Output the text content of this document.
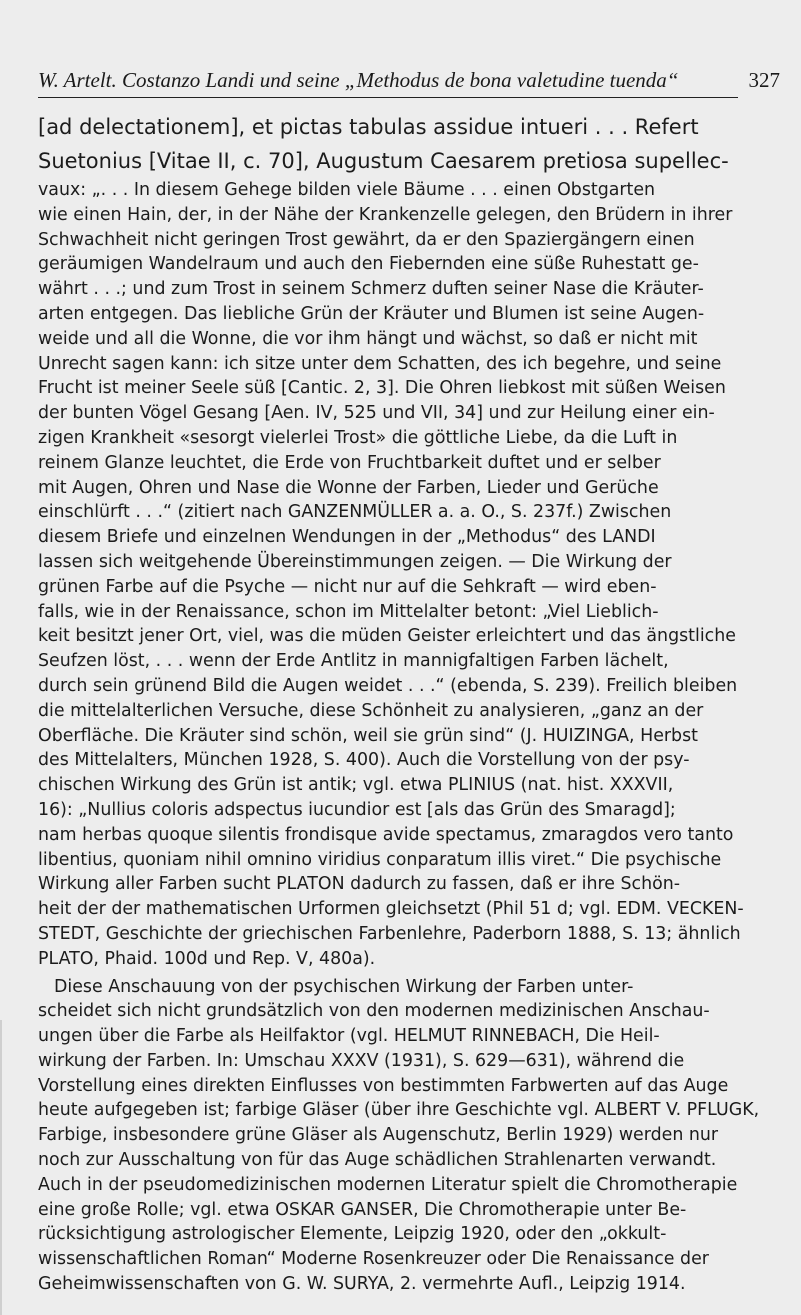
W. Artelt. Costanzo Landi und seine „Methodus de bona valetudine tuenda“	327
[ad delectationem], et pictas tabulas assidue intueri . . . Refert
Suetonius [Vitae II, c. 70], Augustum Caesarem pretiosa supellec-
vaux: „. . . In diesem Gehege bilden viele Bäume . . . einen Obstgarten
wie einen Hain, der, in der Nähe der Krankenzelle gelegen, den Brüdern in ihrer
Schwachheit nicht geringen Trost gewährt, da er den Spaziergängern einen
geräumigen Wandelraum und auch den Fiebernden eine süße Ruhestatt ge-
währt . . .; und zum Trost in seinem Schmerz duften seiner Nase die Kräuter-
arten entgegen. Das liebliche Grün der Kräuter und Blumen ist seine Augen-
weide und all die Wonne, die vor ihm hängt und wächst, so daß er nicht mit
Unrecht sagen kann: ich sitze unter dem Schatten, des ich begehre, und seine
Frucht ist meiner Seele süß [Cantic. 2, 3]. Die Ohren liebkost mit süßen Weisen
der bunten Vögel Gesang [Aen. IV, 525 und VII, 34] und zur Heilung einer ein-
zigen Krankheit «sesorgt vielerlei Trost» die göttliche Liebe, da die Luft in
reinem Glanze leuchtet, die Erde von Fruchtbarkeit duftet und er selber
mit Augen, Ohren und Nase die Wonne der Farben, Lieder und Gerüche
einschlürft . . .“ (zitiert nach GANZENMÜLLER a. a. O., S. 237f.) Zwischen
diesem Briefe und einzelnen Wendungen in der „Methodus“ des LANDI
lassen sich weitgehende Übereinstimmungen zeigen. — Die Wirkung der
grünen Farbe auf die Psyche — nicht nur auf die Sehkraft — wird eben-
falls, wie in der Renaissance, schon im Mittelalter betont: „Viel Lieblich-
keit besitzt jener Ort, viel, was die müden Geister erleichtert und das ängstliche
Seufzen löst, . . . wenn der Erde Antlitz in mannigfaltigen Farben lächelt,
durch sein grünend Bild die Augen weidet . . .“ (ebenda, S. 239). Freilich bleiben
die mittelalterlichen Versuche, diese Schönheit zu analysieren, „ganz an der
Oberfläche. Die Kräuter sind schön, weil sie grün sind“ (J. HUIZINGA, Herbst
des Mittelalters, München 1928, S. 400). Auch die Vorstellung von der psy-
chischen Wirkung des Grün ist antik; vgl. etwa PLINIUS (nat. hist. XXXVII,
16): „Nullius coloris adspectus iucundior est [als das Grün des Smaragd];
nam herbas quoque silentis frondisque avide spectamus, zmaragdos vero tanto
libentius, quoniam nihil omnino viridius conparatum illis viret.“ Die psychische
Wirkung aller Farben sucht PLATON dadurch zu fassen, daß er ihre Schön-
heit der der mathematischen Urformen gleichsetzt (Phil 51 d; vgl. EDM. VECKEN-
STEDT, Geschichte der griechischen Farbenlehre, Paderborn 1888, S. 13; ähnlich
PLATO, Phaid. 100d und Rep. V, 480a).
Diese Anschauung von der psychischen Wirkung der Farben unter-
scheidet sich nicht grundsätzlich von den modernen medizinischen Anschau-
ungen über die Farbe als Heilfaktor (vgl. HELMUT RINNEBACH, Die Heil-
wirkung der Farben. In: Umschau XXXV (1931), S. 629—631), während die
Vorstellung eines direkten Einflusses von bestimmten Farbwerten auf das Auge
heute aufgegeben ist; farbige Gläser (über ihre Geschichte vgl. ALBERT V. PFLUGK,
Farbige, insbesondere grüne Gläser als Augenschutz, Berlin 1929) werden nur
noch zur Ausschaltung von für das Auge schädlichen Strahlenarten verwandt.
Auch in der pseudomedizinischen modernen Literatur spielt die Chromotherapie
eine große Rolle; vgl. etwa OSKAR GANSER, Die Chromotherapie unter Be-
rücksichtigung astrologischer Elemente, Leipzig 1920, oder den „okkult-
wissenschaftlichen Roman“ Moderne Rosenkreuzer oder Die Renaissance der
Geheimwissenschaften von G. W. SURYA, 2. vermehrte Aufl., Leipzig 1914.
